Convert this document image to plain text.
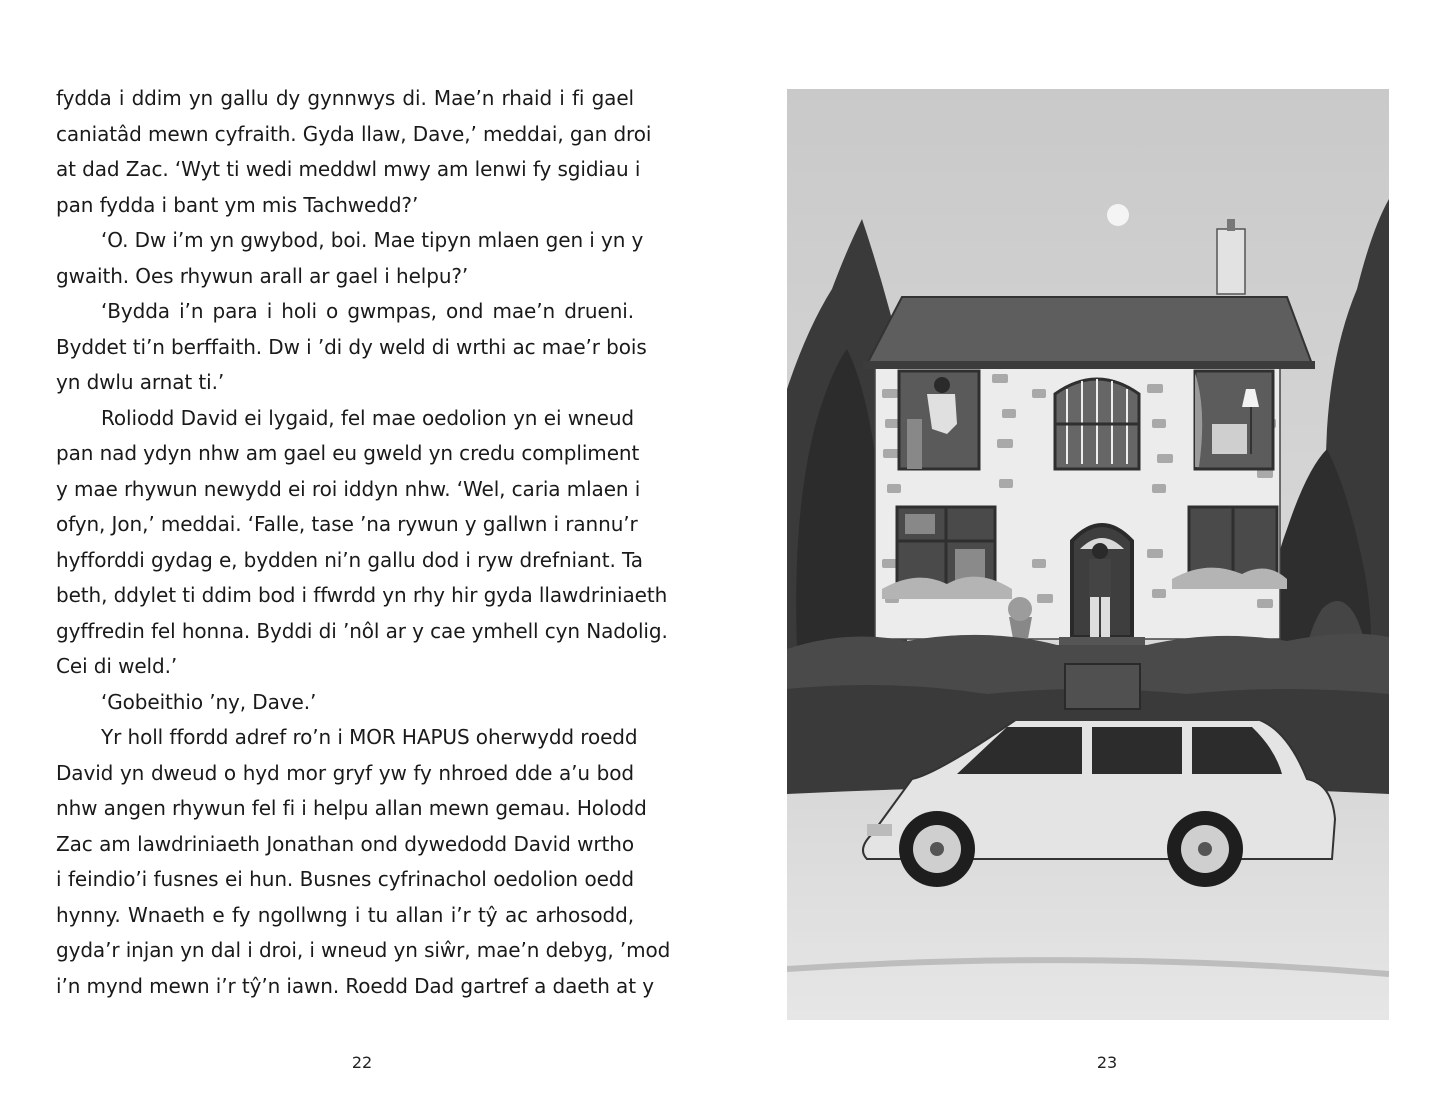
fydda i ddim yn gallu dy gynnwys di. Mae’n rhaid i fi gael
caniatâd mewn cyfraith. Gyda llaw, Dave,’ meddai, gan droi
at dad Zac. ‘Wyt ti wedi meddwl mwy am lenwi fy sgidiau i
pan fydda i bant ym mis Tachwedd?’
‘O. Dw i’m yn gwybod, boi. Mae tipyn mlaen gen i yn y
gwaith. Oes rhywun arall ar gael i helpu?’
‘Bydda i’n para i holi o gwmpas, ond mae’n drueni.
Byddet ti’n berffaith. Dw i ’di dy weld di wrthi ac mae’r bois
yn dwlu arnat ti.’
Roliodd David ei lygaid, fel mae oedolion yn ei wneud
pan nad ydyn nhw am gael eu gweld yn credu compliment
y mae rhywun newydd ei roi iddyn nhw. ‘Wel, caria mlaen i
ofyn, Jon,’ meddai. ‘Falle, tase ’na rywun y gallwn i rannu’r
hyfforddi gydag e, bydden ni’n gallu dod i ryw drefniant. Ta
beth, ddylet ti ddim bod i ffwrdd yn rhy hir gyda llawdriniaeth
gyffredin fel honna. Byddi di ’nôl ar y cae ymhell cyn Nadolig.
Cei di weld.’
‘Gobeithio ’ny, Dave.’
Yr holl ffordd adref ro’n i MOR HAPUS oherwydd roedd
David yn dweud o hyd mor gryf yw fy nhroed dde a’u bod
nhw angen rhywun fel fi i helpu allan mewn gemau. Holodd
Zac am lawdriniaeth Jonathan ond dywedodd David wrtho
i feindio’i fusnes ei hun. Busnes cyfrinachol oedolion oedd
hynny. Wnaeth e fy ngollwng i tu allan i’r tŷ ac arhosodd,
gyda’r injan yn dal i droi, i wneud yn siŵr, mae’n debyg, ’mod
i’n mynd mewn i’r tŷ’n iawn. Roedd Dad gartref a daeth at y
22	23
